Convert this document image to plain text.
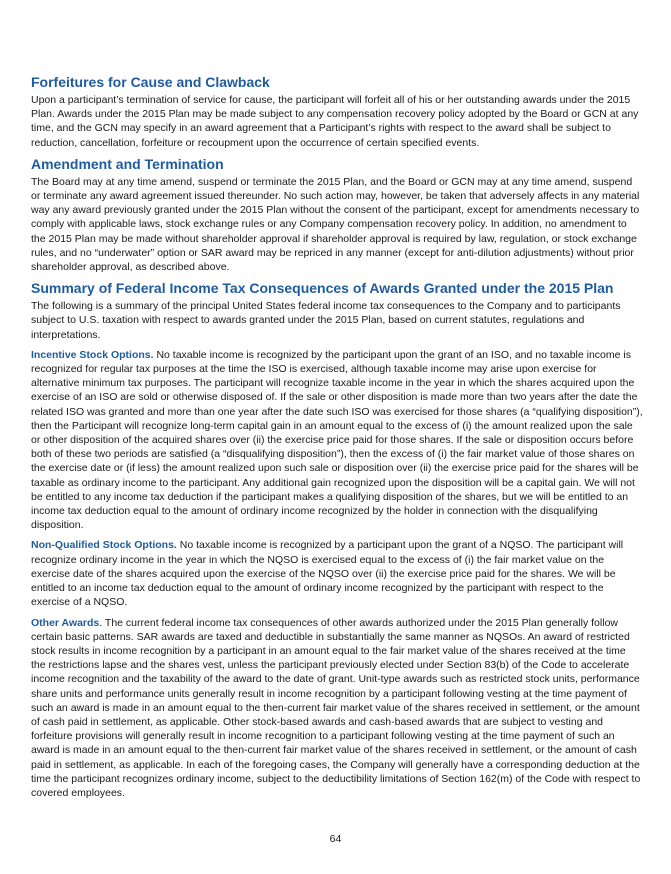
Forfeitures for Cause and Clawback

Upon a participant’s termination of service for cause, the participant will forfeit all of his or her outstanding awards under the 2015 Plan. Awards under the 2015 Plan may be made subject to any compensation recovery policy adopted by the Board or GCN at any time, and the GCN may specify in an award agreement that a Participant’s rights with respect to the award shall be subject to reduction, cancellation, forfeiture or recoupment upon the occurrence of certain specified events.

Amendment and Termination

The Board may at any time amend, suspend or terminate the 2015 Plan, and the Board or GCN may at any time amend, suspend or terminate any award agreement issued thereunder. No such action may, however, be taken that adversely affects in any material way any award previously granted under the 2015 Plan without the consent of the participant, except for amendments necessary to comply with applicable laws, stock exchange rules or any Company compensation recovery policy. In addition, no amendment to the 2015 Plan may be made without shareholder approval if shareholder approval is required by law, regulation, or stock exchange rules, and no “underwater” option or SAR award may be repriced in any manner (except for anti-dilution adjustments) without prior shareholder approval, as described above.

Summary of Federal Income Tax Consequences of Awards Granted under the 2015 Plan

The following is a summary of the principal United States federal income tax consequences to the Company and to participants subject to U.S. taxation with respect to awards granted under the 2015 Plan, based on current statutes, regulations and interpretations.

Incentive Stock Options. No taxable income is recognized by the participant upon the grant of an ISO, and no taxable income is recognized for regular tax purposes at the time the ISO is exercised, although taxable income may arise upon exercise for alternative minimum tax purposes. The participant will recognize taxable income in the year in which the shares acquired upon the exercise of an ISO are sold or otherwise disposed of. If the sale or other disposition is made more than two years after the date the related ISO was granted and more than one year after the date such ISO was exercised for those shares (a “qualifying disposition”), then the Participant will recognize long-term capital gain in an amount equal to the excess of (i) the amount realized upon the sale or other disposition of the acquired shares over (ii) the exercise price paid for those shares. If the sale or disposition occurs before both of these two periods are satisfied (a “disqualifying disposition”), then the excess of (i) the fair market value of those shares on the exercise date or (if less) the amount realized upon such sale or disposition over (ii) the exercise price paid for the shares will be taxable as ordinary income to the participant. Any additional gain recognized upon the disposition will be a capital gain. We will not be entitled to any income tax deduction if the participant makes a qualifying disposition of the shares, but we will be entitled to an income tax deduction equal to the amount of ordinary income recognized by the holder in connection with the disqualifying disposition.

Non-Qualified Stock Options. No taxable income is recognized by a participant upon the grant of a NQSO. The participant will recognize ordinary income in the year in which the NQSO is exercised equal to the excess of (i) the fair market value on the exercise date of the shares acquired upon the exercise of the NQSO over (ii) the exercise price paid for the shares. We will be entitled to an income tax deduction equal to the amount of ordinary income recognized by the participant with respect to the exercise of a NQSO.

Other Awards. The current federal income tax consequences of other awards authorized under the 2015 Plan generally follow certain basic patterns. SAR awards are taxed and deductible in substantially the same manner as NQSOs. An award of restricted stock results in income recognition by a participant in an amount equal to the fair market value of the shares received at the time the restrictions lapse and the shares vest, unless the participant previously elected under Section 83(b) of the Code to accelerate income recognition and the taxability of the award to the date of grant. Unit-type awards such as restricted stock units, performance share units and performance units generally result in income recognition by a participant following vesting at the time payment of such an award is made in an amount equal to the then-current fair market value of the shares received in settlement, or the amount of cash paid in settlement, as applicable. Other stock-based awards and cash-based awards that are subject to vesting and forfeiture provisions will generally result in income recognition to a participant following vesting at the time payment of such an award is made in an amount equal to the then-current fair market value of the shares received in settlement, or the amount of cash paid in settlement, as applicable. In each of the foregoing cases, the Company will generally have a corresponding deduction at the time the participant recognizes ordinary income, subject to the deductibility limitations of Section 162(m) of the Code with respect to covered employees.

64
